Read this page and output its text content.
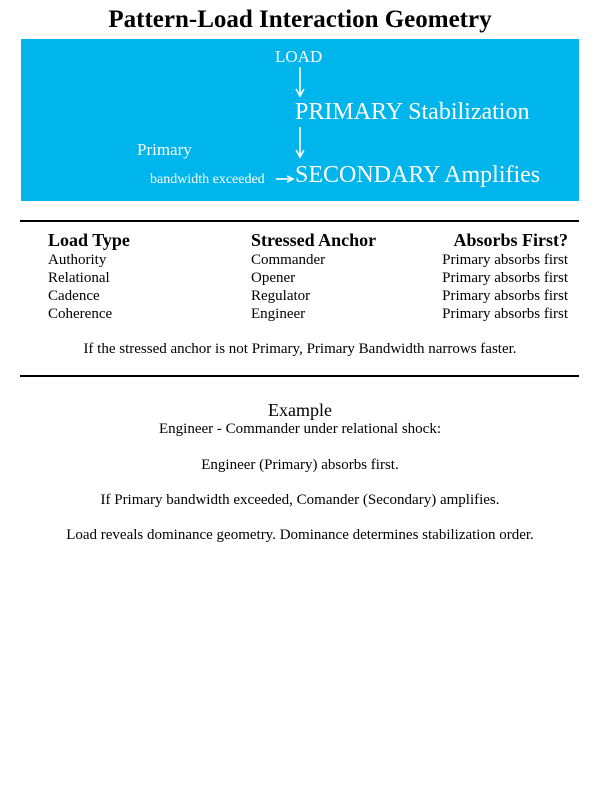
Pattern-Load Interaction Geometry
LOAD
PRIMARY Stabilization
Primary
bandwidth exceeded SECONDARY Amplifies
Load Type	Stressed Anchor	Absorbs First?
Authority	Commander	Primary absorbs first
Relational	Opener	Primary absorbs first
Cadence	Regulator	Primary absorbs first
Coherence	Engineer	Primary absorbs first
If the stressed anchor is not Primary, Primary Bandwidth narrows faster.
Example
Engineer - Commander under relational shock:
Engineer (Primary) absorbs first.
If Primary bandwidth exceeded, Comander (Secondary) amplifies.
Load reveals dominance geometry. Dominance determines stabilization order.
